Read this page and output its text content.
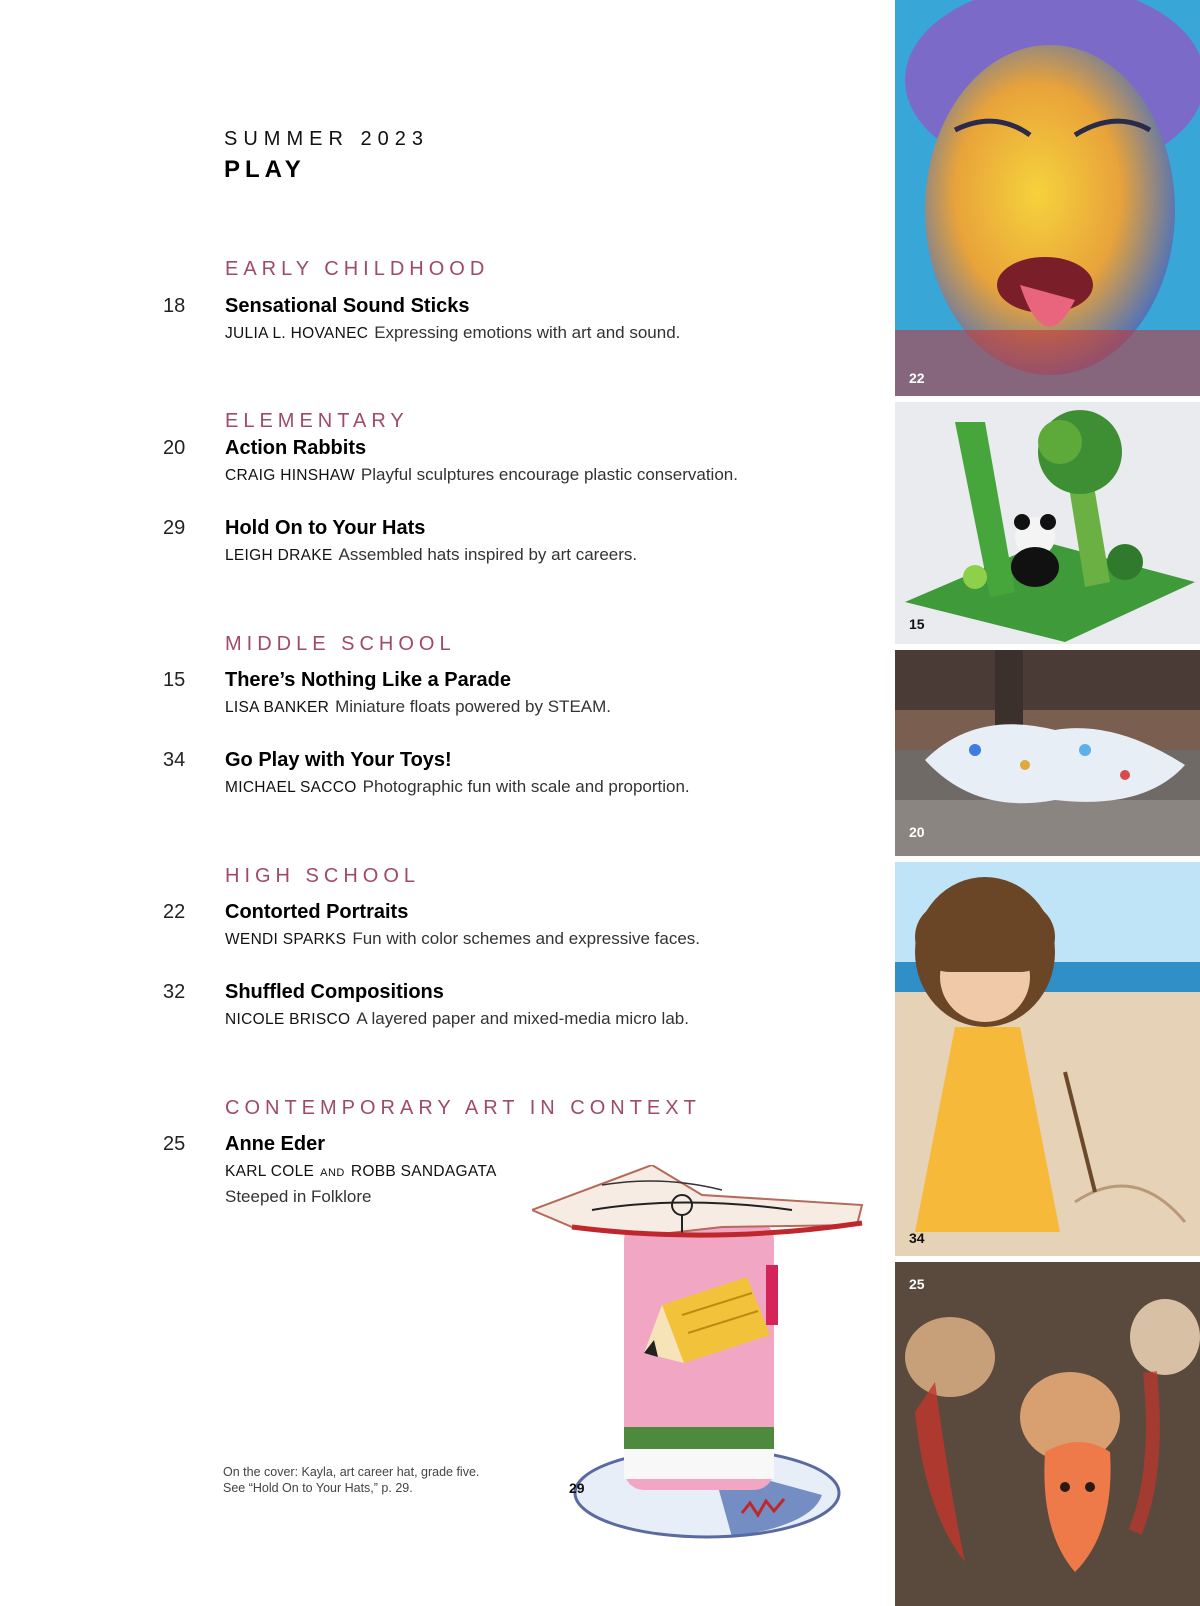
SUMMER 2023
PLAY
EARLY CHILDHOOD
18 Sensational Sound Sticks
JULIA L. HOVANEC Expressing emotions with art and sound.
ELEMENTARY
20 Action Rabbits
CRAIG HINSHAW Playful sculptures encourage plastic conservation.
29 Hold On to Your Hats
LEIGH DRAKE Assembled hats inspired by art careers.
MIDDLE SCHOOL
15 There’s Nothing Like a Parade
LISA BANKER Miniature floats powered by STEAM.
34 Go Play with Your Toys!
MICHAEL SACCO Photographic fun with scale and proportion.
HIGH SCHOOL
22 Contorted Portraits
WENDI SPARKS Fun with color schemes and expressive faces.
32 Shuffled Compositions
NICOLE BRISCO A layered paper and mixed-media micro lab.
CONTEMPORARY ART IN CONTEXT
25 Anne Eder
KARL COLE AND ROBB SANDAGATA
Steeped in Folklore
On the cover: Kayla, art career hat, grade five. See “Hold On to Your Hats,” p. 29.	29
22
15
20
34
25
